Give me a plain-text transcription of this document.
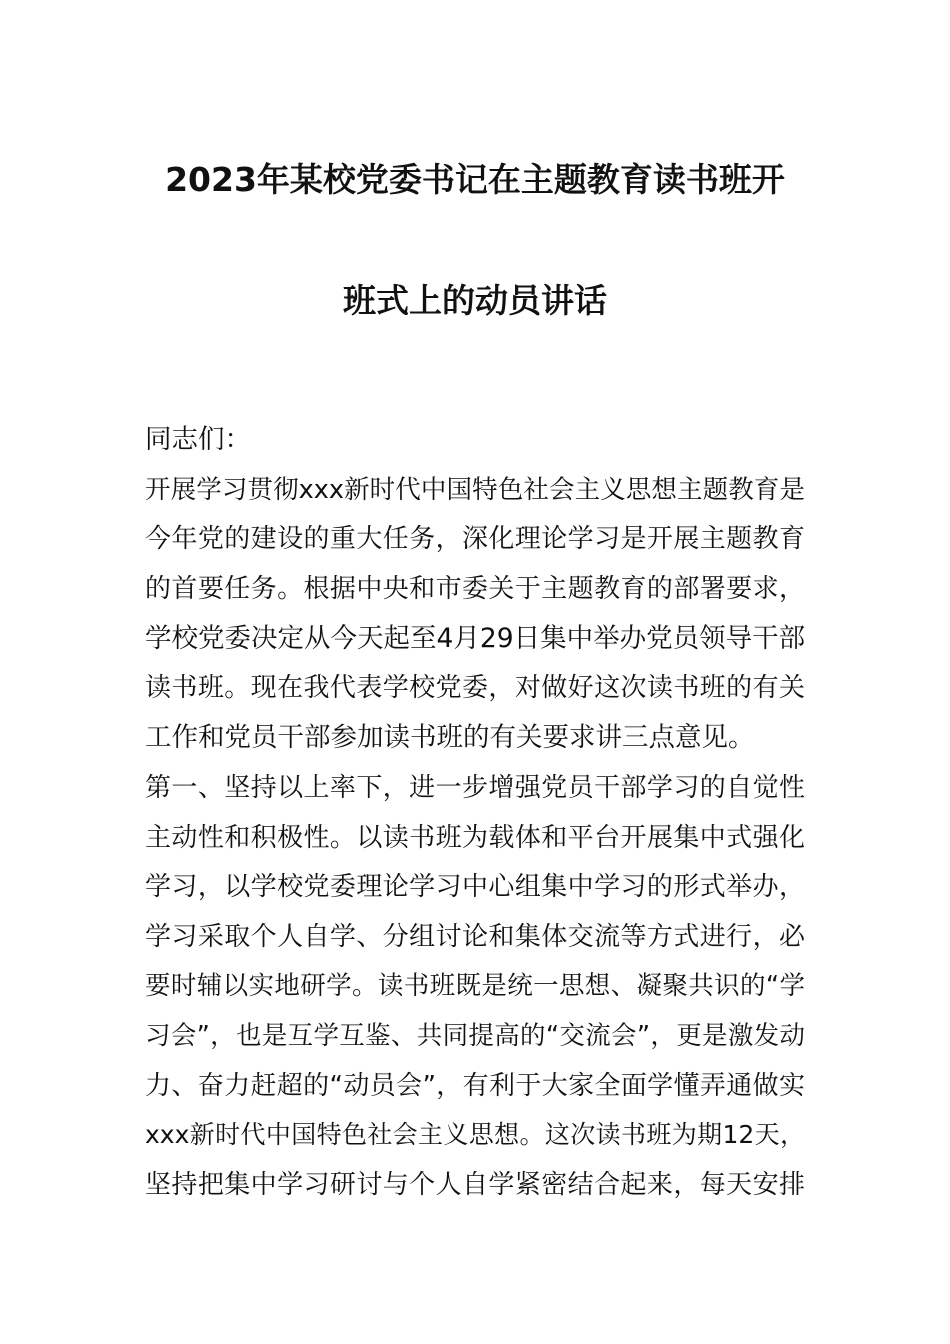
2023年某校党委书记在主题教育读书班开
班式上的动员讲话
同志们：
开展学习贯彻xxx新时代中国特色社会主义思想主题教育是
今年党的建设的重大任务，深化理论学习是开展主题教育
的首要任务。根据中央和市委关于主题教育的部署要求，
学校党委决定从今天起至4月29日集中举办党员领导干部
读书班。现在我代表学校党委，对做好这次读书班的有关
工作和党员干部参加读书班的有关要求讲三点意见。
第一、坚持以上率下，进一步增强党员干部学习的自觉性
主动性和积极性。以读书班为载体和平台开展集中式强化
学习，以学校党委理论学习中心组集中学习的形式举办，
学习采取个人自学、分组讨论和集体交流等方式进行，必
要时辅以实地研学。读书班既是统一思想、凝聚共识的“学
习会”，也是互学互鉴、共同提高的“交流会”，更是激发动
力、奋力赶超的“动员会”，有利于大家全面学懂弄通做实
xxx新时代中国特色社会主义思想。这次读书班为期12天，
坚持把集中学习研讨与个人自学紧密结合起来，每天安排
